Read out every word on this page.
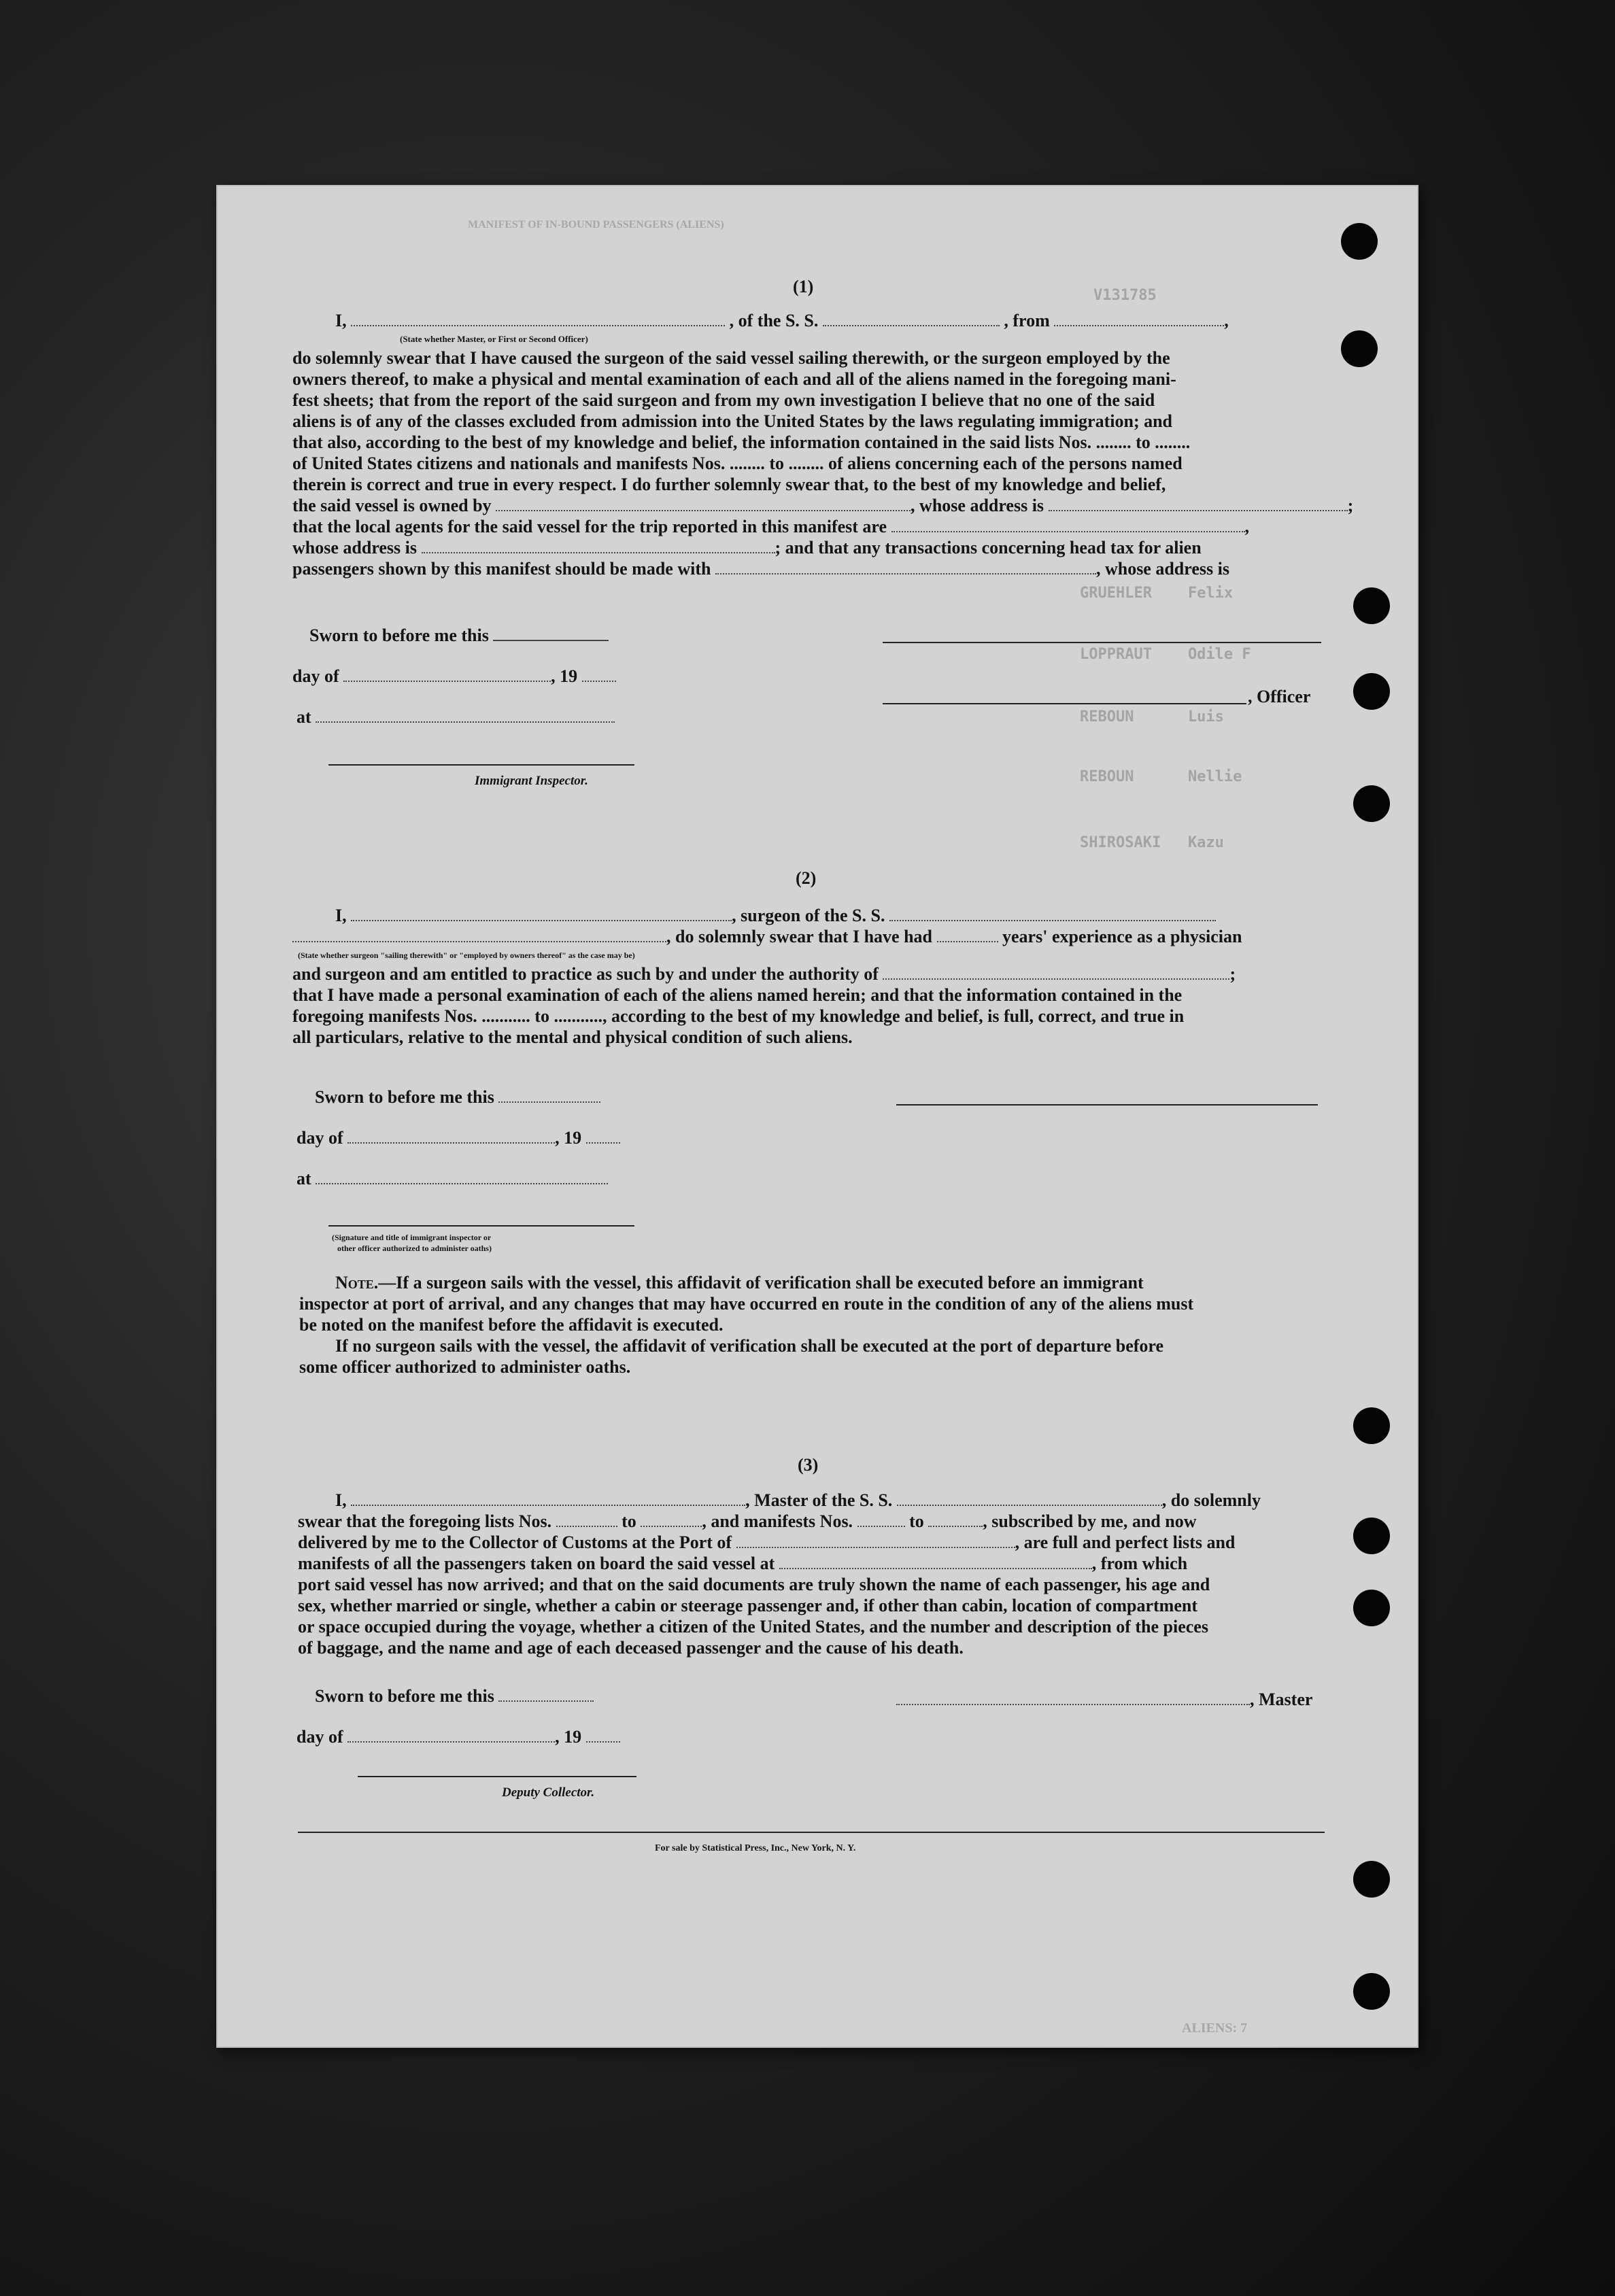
MANIFEST OF IN-BOUND PASSENGERS (ALIENS)
V131785
GRUEHLER    Felix
LOPPRAUT    Odile F
REBOUN      Luis
REBOUN      Nellie
SHIROSAKI   Kazu
(1)
I,	, of the S. S.	, from	,
(State whether Master, or First or Second Officer)
do solemnly swear that I have caused the surgeon of the said vessel sailing therewith, or the surgeon employed by the
owners thereof, to make a physical and mental examination of each and all of the aliens named in the foregoing mani-
fest sheets; that from the report of the said surgeon and from my own investigation I believe that no one of the said
aliens is of any of the classes excluded from admission into the United States by the laws regulating immigration; and
that also, according to the best of my knowledge and belief, the information contained in the said lists Nos. ........ to ........
of United States citizens and nationals and manifests Nos. ........ to ........ of aliens concerning each of the persons named
therein is correct and true in every respect. I do further solemnly swear that, to the best of my knowledge and belief,
the said vessel is owned by	, whose address is	;
that the local agents for the said vessel for the trip reported in this manifest are	,
whose address is	; and that any transactions concerning head tax for alien
passengers shown by this manifest should be made with	, whose address is
Sworn to before me this
day of	, 19
, Officer
at
Immigrant Inspector.
(2)
I,	, surgeon of the S. S.
, do solemnly swear that I have had	years' experience as a physician
(State whether surgeon "sailing therewith" or "employed by owners thereof" as the case may be)
and surgeon and am entitled to practice as such by and under the authority of	;
that I have made a personal examination of each of the aliens named herein; and that the information contained in the
foregoing manifests Nos. ........... to ..........., according to the best of my knowledge and belief, is full, correct, and true in
all particulars, relative to the mental and physical condition of such aliens.
Sworn to before me this
day of	, 19
at
(Signature and title of immigrant inspector or
other officer authorized to administer oaths)
Note.—If a surgeon sails with the vessel, this affidavit of verification shall be executed before an immigrant
inspector at port of arrival, and any changes that may have occurred en route in the condition of any of the aliens must
be noted on the manifest before the affidavit is executed.
If no surgeon sails with the vessel, the affidavit of verification shall be executed at the port of departure before
some officer authorized to administer oaths.
(3)
I,	, Master of the S. S.	, do solemnly
swear that the foregoing lists Nos.	to	, and manifests Nos.	to	, subscribed by me, and now
delivered by me to the Collector of Customs at the Port of	, are full and perfect lists and
manifests of all the passengers taken on board the said vessel at	, from which
port said vessel has now arrived; and that on the said documents are truly shown the name of each passenger, his age and
sex, whether married or single, whether a cabin or steerage passenger and, if other than cabin, location of compartment
or space occupied during the voyage, whether a citizen of the United States, and the number and description of the pieces
of baggage, and the name and age of each deceased passenger and the cause of his death.
Sworn to before me this	, Master
day of	, 19
Deputy Collector.
For sale by Statistical Press, Inc., New York, N. Y.
ALIENS: 7
